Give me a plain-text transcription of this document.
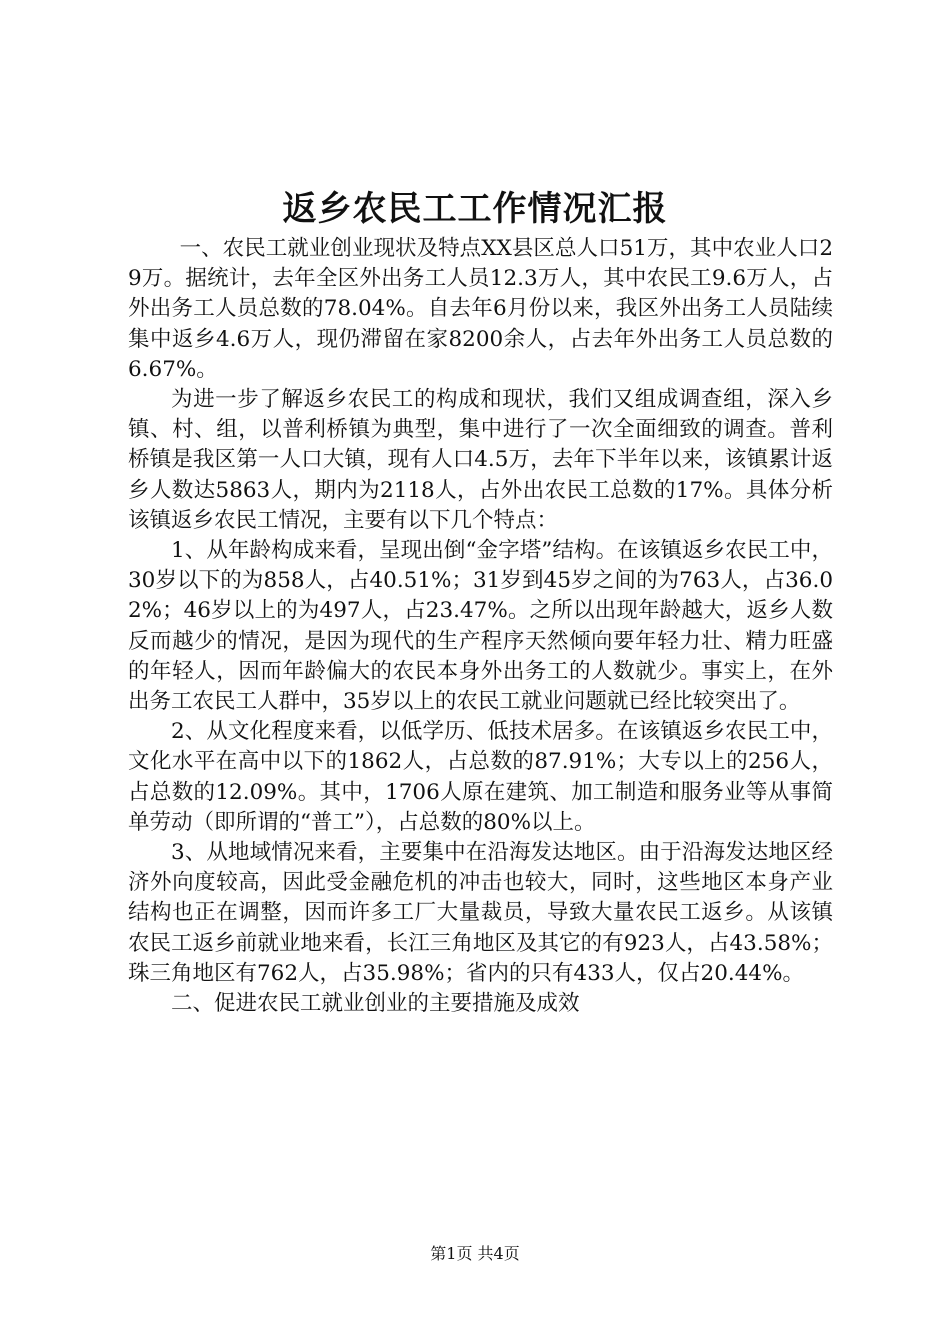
返乡农民工工作情况汇报

一、农民工就业创业现状及特点XX县区总人口51万，其中农业人口29万。据统计，去年全区外出务工人员12.3万人，其中农民工9.6万人，占外出务工人员总数的78.04%。自去年6月份以来，我区外出务工人员陆续集中返乡4.6万人，现仍滞留在家8200余人，占去年外出务工人员总数的6.67%。

为进一步了解返乡农民工的构成和现状，我们又组成调查组，深入乡镇、村、组，以普利桥镇为典型，集中进行了一次全面细致的调查。普利桥镇是我区第一人口大镇，现有人口4.5万，去年下半年以来，该镇累计返乡人数达5863人，期内为2118人，占外出农民工总数的17%。具体分析该镇返乡农民工情况，主要有以下几个特点：

1、从年龄构成来看，呈现出倒“金字塔”结构。在该镇返乡农民工中，30岁以下的为858人，占40.51%；31岁到45岁之间的为763人，占36.02%；46岁以上的为497人，占23.47%。之所以出现年龄越大，返乡人数反而越少的情况，是因为现代的生产程序天然倾向要年轻力壮、精力旺盛的年轻人，因而年龄偏大的农民本身外出务工的人数就少。事实上，在外出务工农民工人群中，35岁以上的农民工就业问题就已经比较突出了。

2、从文化程度来看，以低学历、低技术居多。在该镇返乡农民工中，文化水平在高中以下的1862人，占总数的87.91%；大专以上的256人，占总数的12.09%。其中，1706人原在建筑、加工制造和服务业等从事简单劳动（即所谓的“普工”），占总数的80%以上。

3、从地域情况来看，主要集中在沿海发达地区。由于沿海发达地区经济外向度较高，因此受金融危机的冲击也较大，同时，这些地区本身产业结构也正在调整，因而许多工厂大量裁员，导致大量农民工返乡。从该镇农民工返乡前就业地来看，长江三角地区及其它的有923人，占43.58%；珠三角地区有762人，占35.98%；省内的只有433人，仅占20.44%。

二、促进农民工就业创业的主要措施及成效

第1页 共4页
